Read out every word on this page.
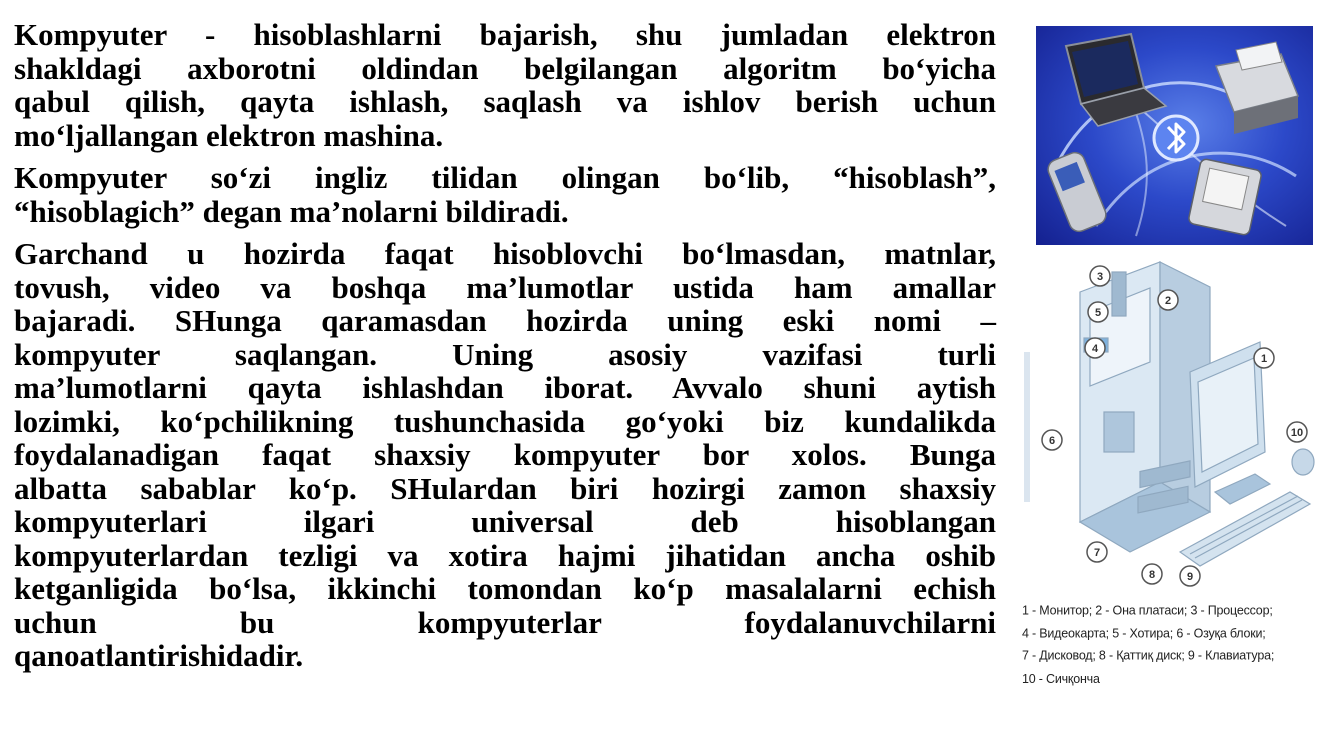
Kompyuter - hisoblashlarni bajarish, shu jumladan elektron
shakldagi axborotni oldindan belgilangan algoritm bo‘yicha
qabul qilish, qayta ishlash, saqlash va ishlov berish uchun
mo‘ljallangan elektron mashina.

Kompyuter so‘zi ingliz tilidan olingan bo‘lib, “hisoblash”,
“hisoblagich” degan ma’nolarni bildiradi.

Garchand u hozirda faqat hisoblovchi bo‘lmasdan, matnlar,
tovush, video va boshqa ma’lumotlar ustida ham amallar
bajaradi. SHunga qaramasdan hozirda uning eski nomi –
kompyuter saqlangan. Uning asosiy vazifasi turli
ma’lumotlarni qayta ishlashdan iborat. Avvalo shuni aytish
lozimki, ko‘pchilikning tushunchasida go‘yoki biz kundalikda
foydalanadigan faqat shaxsiy kompyuter bor xolos. Bunga
albatta sabablar ko‘p. SHulardan biri hozirgi zamon shaxsiy
kompyuterlari ilgari universal deb hisoblangan
kompyuterlardan tezligi va xotira hajmi jihatidan ancha oshib
ketganligida bo‘lsa, ikkinchi tomondan ko‘p masalalarni echish
uchun bu kompyuterlar foydalanuvchilarni
qanoatlantirishidadir.

3
2
5
4
1
6
10
7
8	9
1 - Монитор; 2 - Она платаси; 3 - Процессор;
4 - Видеокарта; 5 - Хотира; 6 - Озуқа блоки;
7 - Дисковод; 8 - Қаттиқ диск; 9 - Клавиатура;
10 - Сичқонча
